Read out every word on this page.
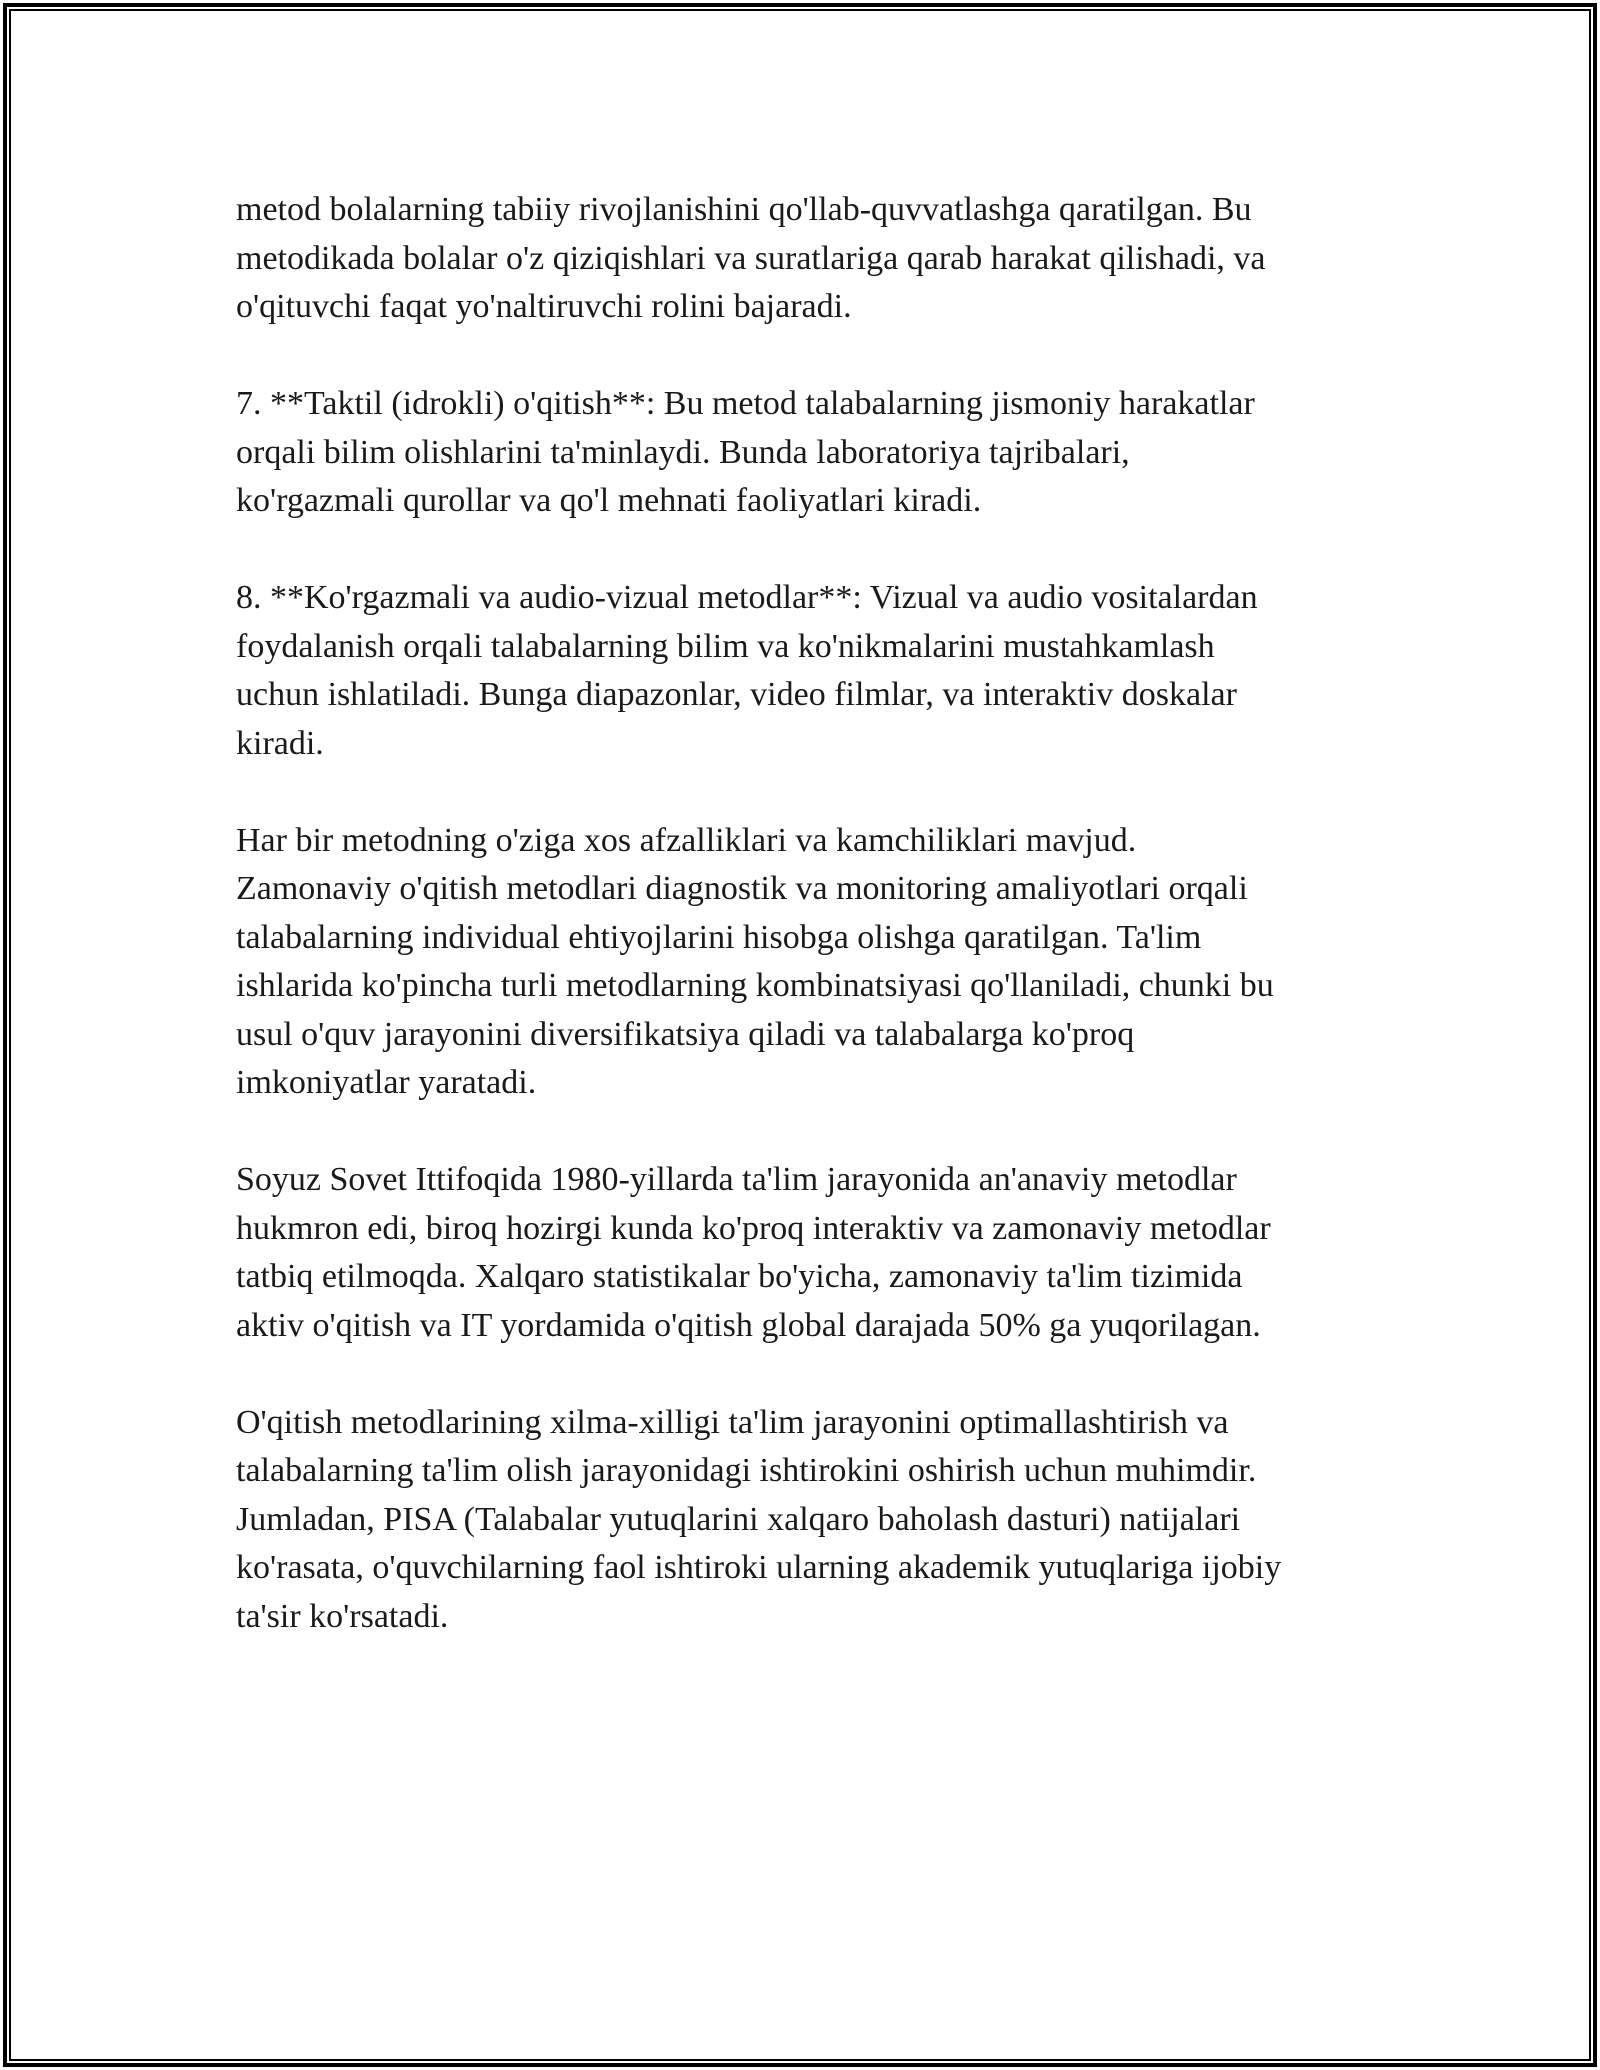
metod bolalarning tabiiy rivojlanishini qo'llab-quvvatlashga qaratilgan. Bu
metodikada bolalar o'z qiziqishlari va suratlariga qarab harakat qilishadi, va
o'qituvchi faqat yo'naltiruvchi rolini bajaradi.

7. **Taktil (idrokli) o'qitish**: Bu metod talabalarning jismoniy harakatlar
orqali bilim olishlarini ta'minlaydi. Bunda laboratoriya tajribalari,
ko'rgazmali qurollar va qo'l mehnati faoliyatlari kiradi.

8. **Ko'rgazmali va audio-vizual metodlar**: Vizual va audio vositalardan
foydalanish orqali talabalarning bilim va ko'nikmalarini mustahkamlash
uchun ishlatiladi. Bunga diapazonlar, video filmlar, va interaktiv doskalar
kiradi.

Har bir metodning o'ziga xos afzalliklari va kamchiliklari mavjud.
Zamonaviy o'qitish metodlari diagnostik va monitoring amaliyotlari orqali
talabalarning individual ehtiyojlarini hisobga olishga qaratilgan. Ta'lim
ishlarida ko'pincha turli metodlarning kombinatsiyasi qo'llaniladi, chunki bu
usul o'quv jarayonini diversifikatsiya qiladi va talabalarga ko'proq
imkoniyatlar yaratadi.

Soyuz Sovet Ittifoqida 1980-yillarda ta'lim jarayonida an'anaviy metodlar
hukmron edi, biroq hozirgi kunda ko'proq interaktiv va zamonaviy metodlar
tatbiq etilmoqda. Xalqaro statistikalar bo'yicha, zamonaviy ta'lim tizimida
aktiv o'qitish va IT yordamida o'qitish global darajada 50% ga yuqorilagan.

O'qitish metodlarining xilma-xilligi ta'lim jarayonini optimallashtirish va
talabalarning ta'lim olish jarayonidagi ishtirokini oshirish uchun muhimdir.
Jumladan, PISA (Talabalar yutuqlarini xalqaro baholash dasturi) natijalari
ko'rasata, o'quvchilarning faol ishtiroki ularning akademik yutuqlariga ijobiy
ta'sir ko'rsatadi.
